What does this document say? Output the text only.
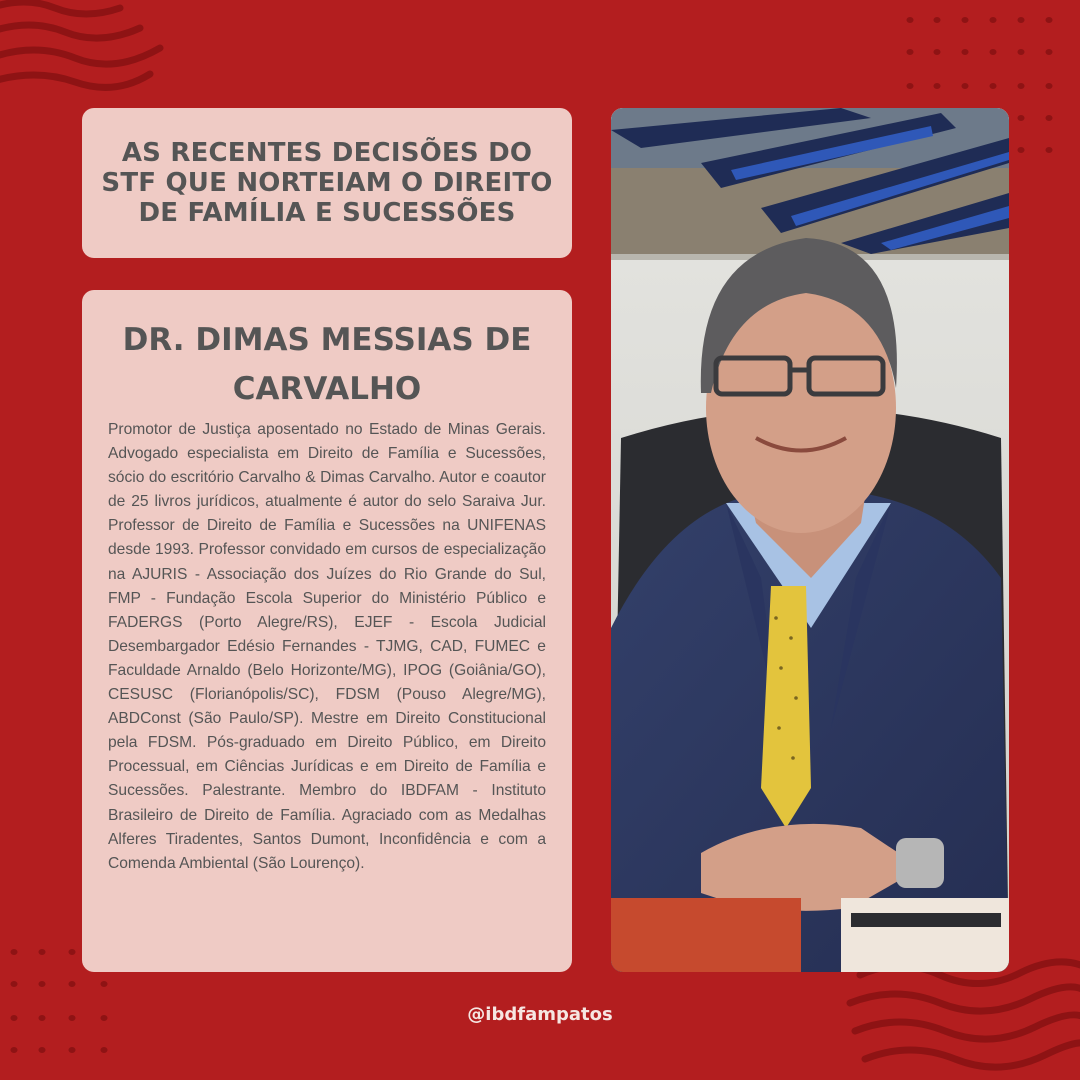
AS RECENTES DECISÕES DO STF QUE NORTEIAM O DIREITO DE FAMÍLIA E SUCESSÕES
DR. DIMAS MESSIAS DE CARVALHO

Promotor de Justiça aposentado no Estado de Minas Gerais. Advogado especialista em Direito de Família e Sucessões, sócio do escritório Carvalho & Dimas Carvalho. Autor e coautor de 25 livros jurídicos, atualmente é autor do selo Saraiva Jur. Professor de Direito de Família e Sucessões na UNIFENAS desde 1993. Professor convidado em cursos de especialização na AJURIS - Associação dos Juízes do Rio Grande do Sul, FMP - Fundação Escola Superior do Ministério Público e FADERGS (Porto Alegre/RS), EJEF - Escola Judicial Desembargador Edésio Fernandes - TJMG, CAD, FUMEC e Faculdade Arnaldo (Belo Horizonte/MG), IPOG (Goiânia/GO), CESUSC (Florianópolis/SC), FDSM (Pouso Alegre/MG), ABDConst (São Paulo/SP). Mestre em Direito Constitucional pela FDSM. Pós-graduado em Direito Público, em Direito Processual, em Ciências Jurídicas e em Direito de Família e Sucessões. Palestrante. Membro do IBDFAM - Instituto Brasileiro de Direito de Família. Agraciado com as Medalhas Alferes Tiradentes, Santos Dumont, Inconfidência e com a Comenda Ambiental (São Lourenço).

@ibdfampatos
